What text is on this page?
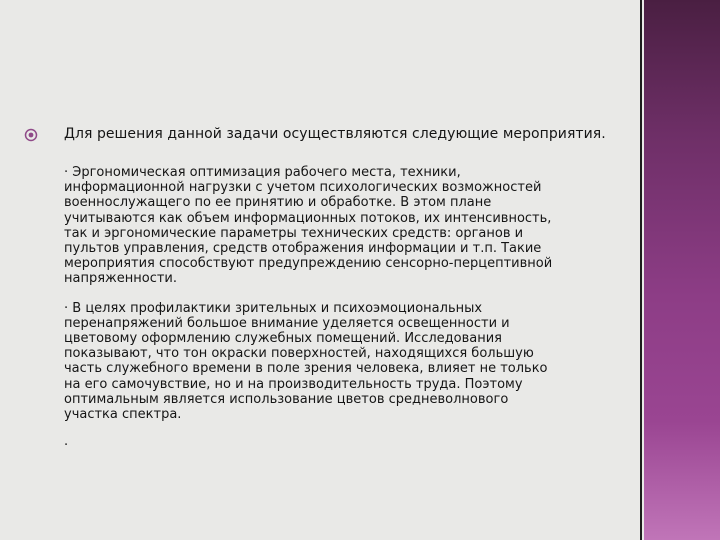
Для решения данной задачи осуществляются следующие мероприятия.
· Эргономическая оптимизация рабочего места, техники,
информационной нагрузки с учетом психологических возможностей
военнослужащего по ее принятию и обработке. В этом плане
учитываются как объем информационных потоков, их интенсивность,
так и эргономические параметры технических средств: органов и
пультов управления, средств отображения информации и т.п. Такие
мероприятия способствуют предупреждению сенсорно-перцептивной
напряженности.
· В целях профилактики зрительных и психоэмоциональных
перенапряжений большое внимание уделяется освещенности и
цветовому оформлению служебных помещений. Исследования
показывают, что тон окраски поверхностей, находящихся большую
часть служебного времени в поле зрения человека, влияет не только
на его самочувствие, но и на производительность труда. Поэтому
оптимальным является использование цветов средневолнового
участка спектра.
.
